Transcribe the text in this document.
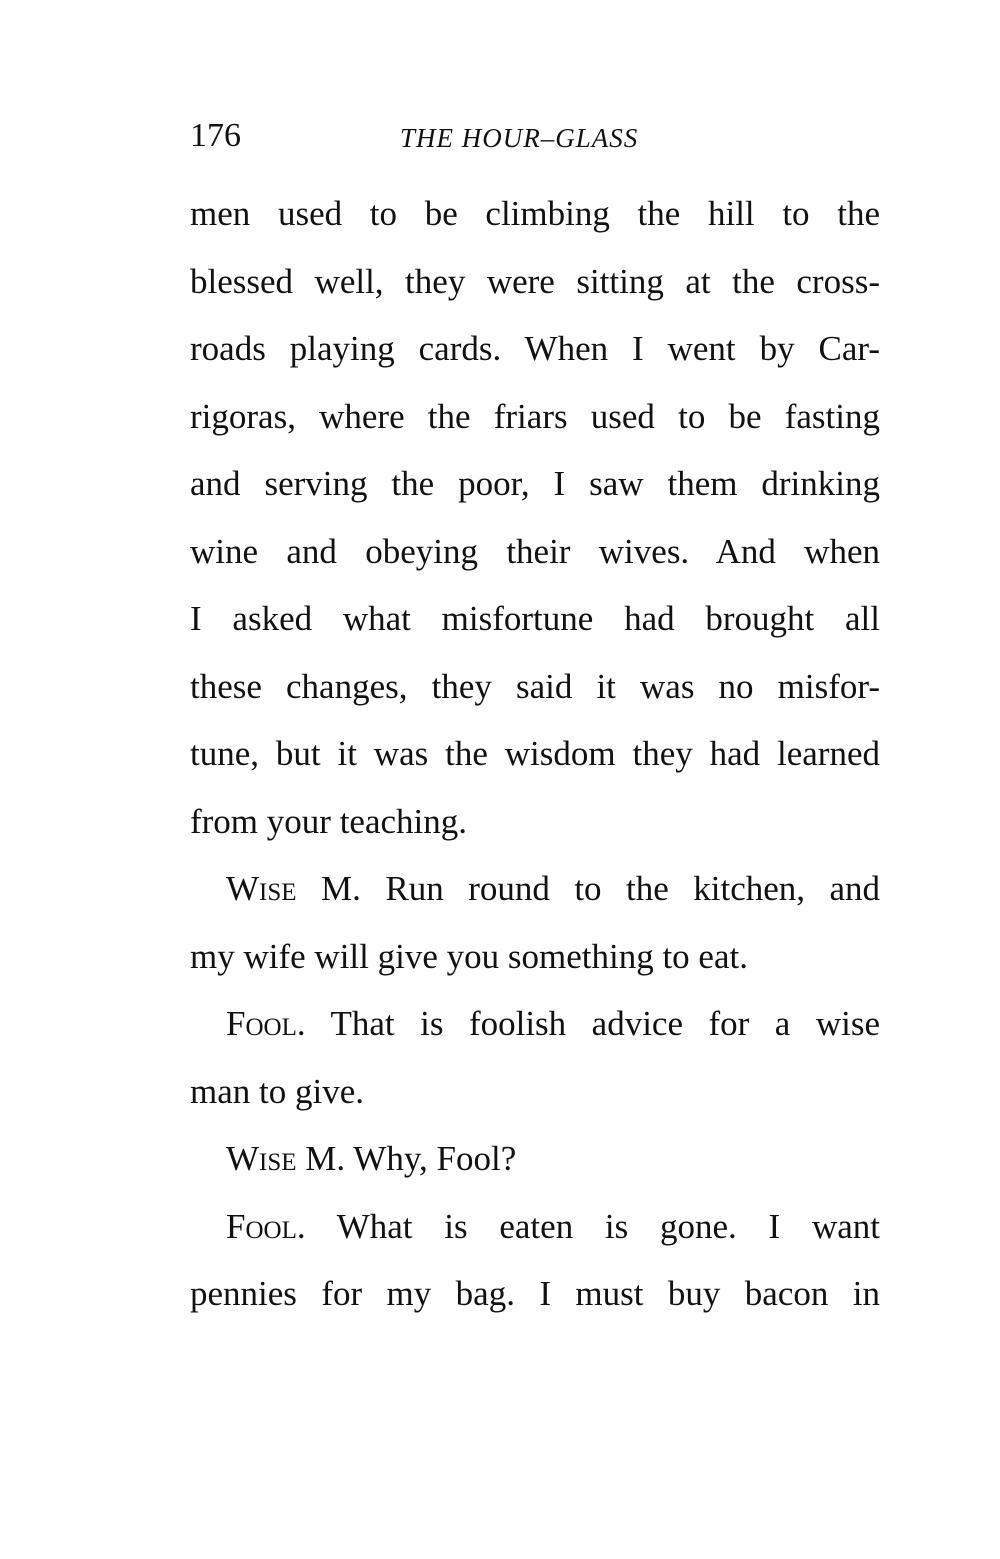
176	THE HOUR–GLASS
men used to be climbing the hill to the
blessed well, they were sitting at the cross-
roads playing cards. When I went by Car-
rigoras, where the friars used to be fasting
and serving the poor, I saw them drinking
wine and obeying their wives. And when
I asked what misfortune had brought all
these changes, they said it was no misfor-
tune, but it was the wisdom they had learned
from your teaching.
Wise M. Run round to the kitchen, and
my wife will give you something to eat.
Fool. That is foolish advice for a wise
man to give.
Wise M. Why, Fool?
Fool. What is eaten is gone. I want
pennies for my bag. I must buy bacon in
